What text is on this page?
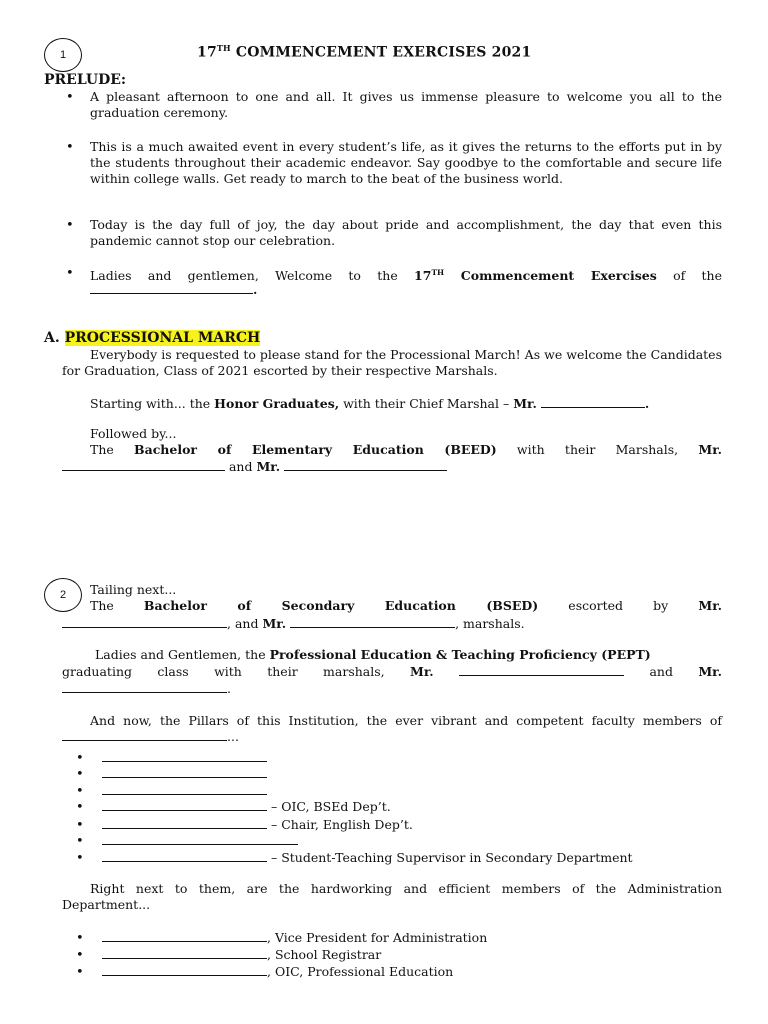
1	17TH COMMENCEMENT EXERCISES 2021
PRELUDE:
•
A pleasant afternoon to one and all. It gives us immense pleasure to welcome you all to the graduation ceremony.
•
This is a much awaited event in every student’s life, as it gives the returns to the efforts put in by the students throughout their academic endeavor. Say goodbye to the comfortable and secure life within college walls. Get ready to march to the beat of the business world.
•
Today is the day full of joy, the day about pride and accomplishment, the day that even this pandemic cannot stop our celebration.
•
Ladies and gentlemen, Welcome to the 17TH Commencement Exercises of the
.
A. PROCESSIONAL MARCH
Everybody is requested to please stand for the Processional March! As we welcome the Candidates for Graduation, Class of 2021 escorted by their respective Marshals.
Starting with... the Honor Graduates, with their Chief Marshal – Mr.	.
Followed by...
The Bachelor of Elementary Education (BEED) with their Marshals, Mr.
and Mr.
2 Tailing next...
The Bachelor of Secondary Education (BSED) escorted by Mr.
, and Mr.	, marshals.
Ladies and Gentlemen, the Professional Education & Teaching Proficiency (PEPT)
graduating class with their marshals, Mr.	and Mr.
.
And now, the Pillars of this Institution, the ever vibrant and competent faculty members of ...
•
•
•
•
– OIC, BSEd Dep’t.
•
– Chair, English Dep’t.
•
•
– Student-Teaching Supervisor in Secondary Department
Right next to them, are the hardworking and efficient members of the Administration Department...
•
, Vice President for Administration
•
, School Registrar
•
, OIC, Professional Education
